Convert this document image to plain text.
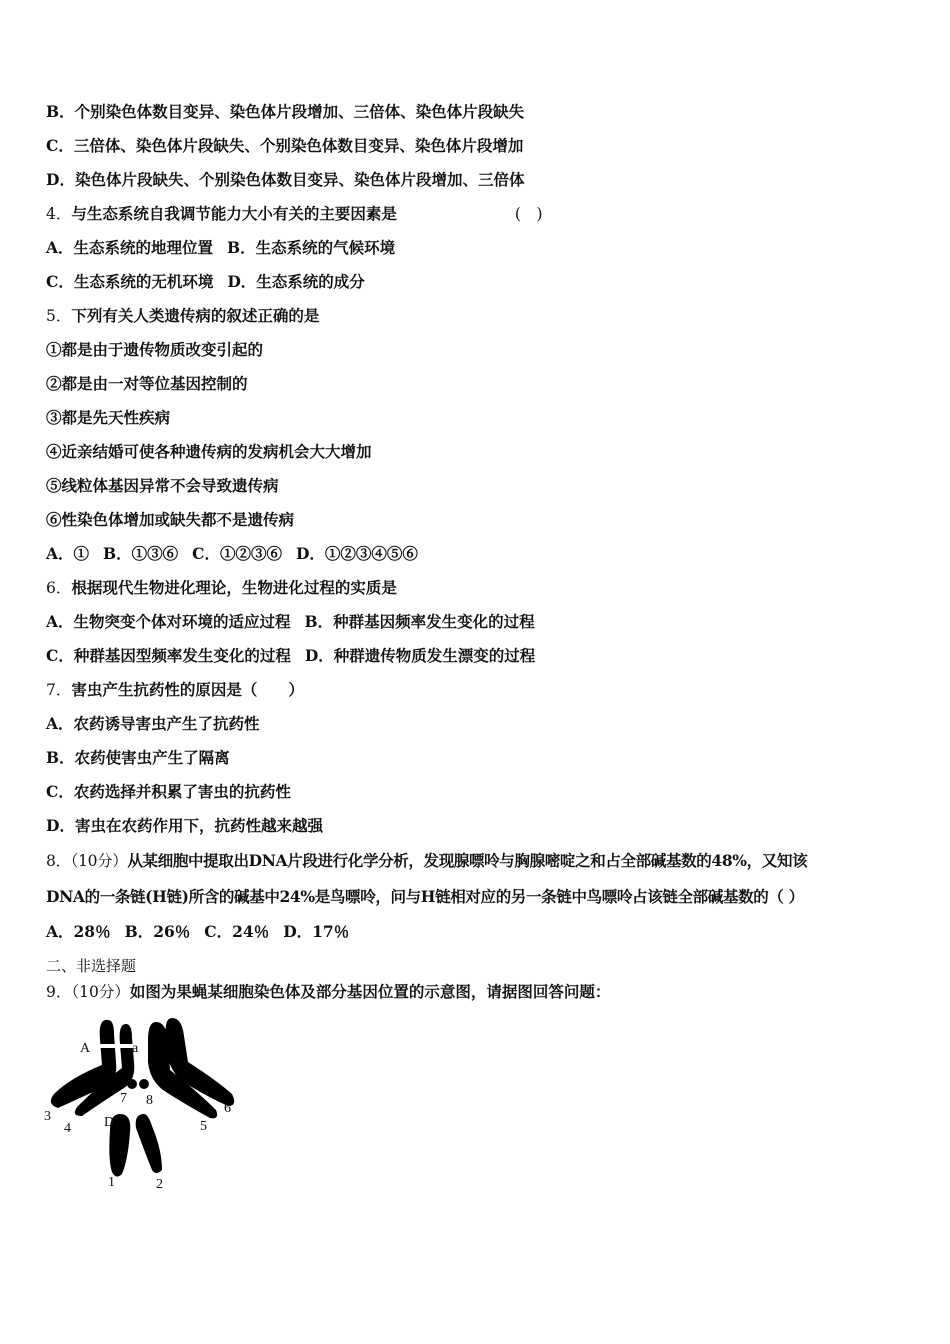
B．个别染色体数目变异、染色体片段增加、三倍体、染色体片段缺失
C．三倍体、染色体片段缺失、个别染色体数目变异、染色体片段增加
D．染色体片段缺失、个别染色体数目变异、染色体片段增加、三倍体
4．与生态系统自我调节能力大小有关的主要因素是	(　)
A．生态系统的地理位置 B．生态系统的气候环境
C．生态系统的无机环境 D．生态系统的成分
5．下列有关人类遗传病的叙述正确的是
①都是由于遗传物质改变引起的
②都是由一对等位基因控制的
③都是先天性疾病
④近亲结婚可使各种遗传病的发病机会大大增加
⑤线粒体基因异常不会导致遗传病
⑥性染色体增加或缺失都不是遗传病
A．① B．①③⑥ C．①②③⑥ D．①②③④⑤⑥
6．根据现代生物进化理论，生物进化过程的实质是
A．生物突变个体对环境的适应过程 B．种群基因频率发生变化的过程
C．种群基因型频率发生变化的过程 D．种群遗传物质发生漂变的过程
7．害虫产生抗药性的原因是（　　）
A．农药诱导害虫产生了抗药性
B．农药使害虫产生了隔离
C．农药选择并积累了害虫的抗药性
D．害虫在农药作用下，抗药性越来越强
8．（10分）从某细胞中提取出DNA片段进行化学分析，发现腺嘌呤与胸腺嘧啶之和占全部碱基数的48%，又知该
DNA的一条链(H链)所含的碱基中24%是鸟嘌呤，问与H链相对应的另一条链中鸟嘌呤占该链全部碱基数的（ ）
A．28％ B．26％ C．24％ D．17％
二、非选择题
9．（10分）如图为果蝇某细胞染色体及部分基因位置的示意图，请据图回答问题：
A	a
D
3
4
7 8
5
6
1	2
